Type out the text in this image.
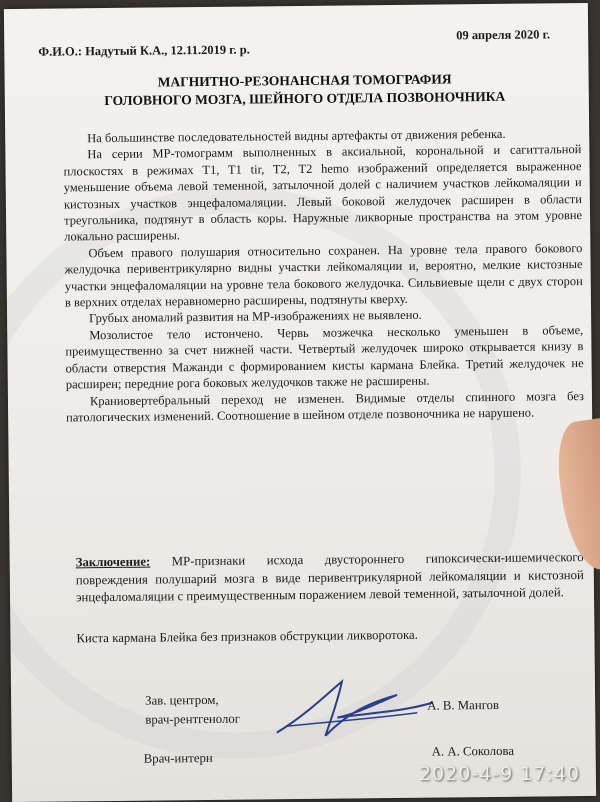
Ф.И.О.: Надутый К.А., 12.11.2019 г. р.
09 апреля 2020 г.
МАГНИТНО-РЕЗОНАНСНАЯ ТОМОГРАФИЯ
ГОЛОВНОГО МОЗГА, ШЕЙНОГО ОТДЕЛА ПОЗВОНОЧНИКА

На большинстве последовательностей видны артефакты от движения ребенка.

На серии МР-томограмм выполненных в аксиальной, корональной и сагиттальной плоскостях в режимах T1, T1 tir, T2, T2 hemo изображений определяется выраженное уменьшение объема левой теменной, затылочной долей с наличием участков лейкомаляции и кистозных участков энцефаломаляции. Левый боковой желудочек расширен в области треугольника, подтянут в область коры. Наружные ликворные пространства на этом уровне локально расширены.

Объем правого полушария относительно сохранен. На уровне тела правого бокового желудочка перивентрикулярно видны участки лейкомаляции и, вероятно, мелкие кистозные участки энцефаломаляции на уровне тела бокового желудочка. Сильвиевые щели с двух сторон в верхних отделах неравномерно расширены, подтянуты кверху.

Грубых аномалий развития на МР-изображениях не выявлено.

Мозолистое тело истончено. Червь мозжечка несколько уменьшен в объеме, преимущественно за счет нижней части. Четвертый желудочек широко открывается книзу в области отверстия Мажанди с формированием кисты кармана Блейка. Третий желудочек не расширен; передние рога боковых желудочков также не расширены.

Краниовертебральный переход не изменен. Видимые отделы спинного мозга без патологических изменений. Соотношение в шейном отделе позвоночника не нарушено.

Заключение: МР-признаки исхода двустороннего гипоксически-ишемического повреждения полушарий мозга в виде перивентрикулярной лейкомаляции и кистозной энцефаломаляции с преимущественным поражением левой теменной, затылочной долей.

Киста кармана Блейка без признаков обструкции ликворотока.
Зав. центром,
врач-рентгенолог
А. В. Мангов
Врач-интерн	А. А. Соколова
2020-4-9 17:40
